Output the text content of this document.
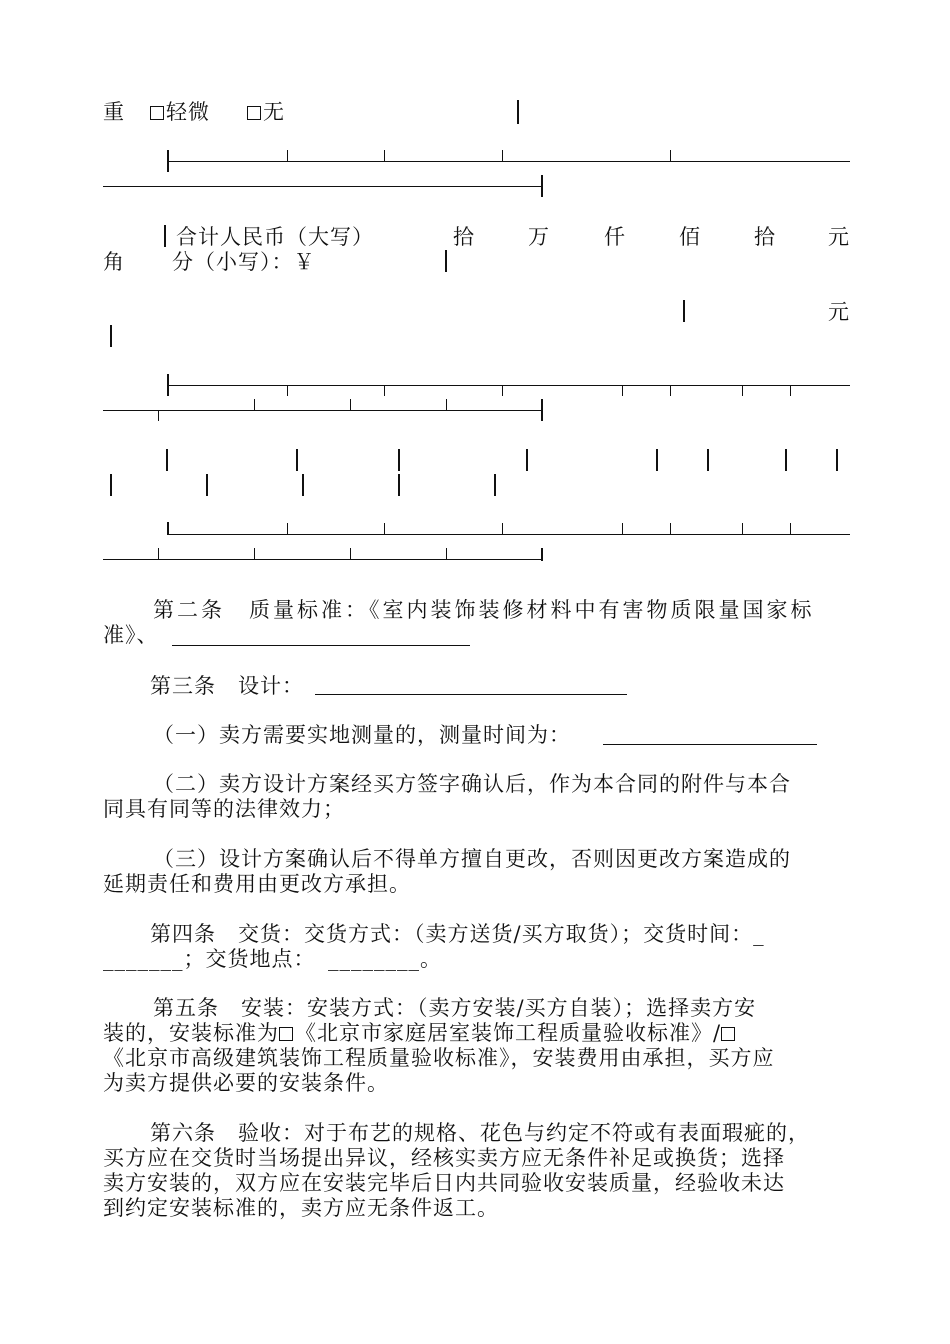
重	轻微	无
合计人民币（大写）	拾	万	仟	佰	拾 元
角 分（小写）：￥
元
第二条　质量标准：《室内装饰装修材料中有害物质限量国家标
准》、
第三条　设计：
（一）卖方需要实地测量的，测量时间为：
（二）卖方设计方案经买方签字确认后，作为本合同的附件与本合
同具有同等的法律效力；
（三）设计方案确认后不得单方擅自更改，否则因更改方案造成的
延期责任和费用由更改方承担。
第四条　交货：交货方式：（卖方送货/买方取货）；交货时间：_
_______；交货地点： ________。
第五条　安装：安装方式：（卖方安装/买方自装）；选择卖方安
装的，安装标准为 《北京市家庭居室装饰工程质量验收标准》/
《北京市高级建筑装饰工程质量验收标准》，安装费用由承担，买方应
为卖方提供必要的安装条件。
第六条　验收：对于布艺的规格、花色与约定不符或有表面瑕疵的，
买方应在交货时当场提出异议，经核实卖方应无条件补足或换货；选择
卖方安装的，双方应在安装完毕后日内共同验收安装质量，经验收未达
到约定安装标准的，卖方应无条件返工。
